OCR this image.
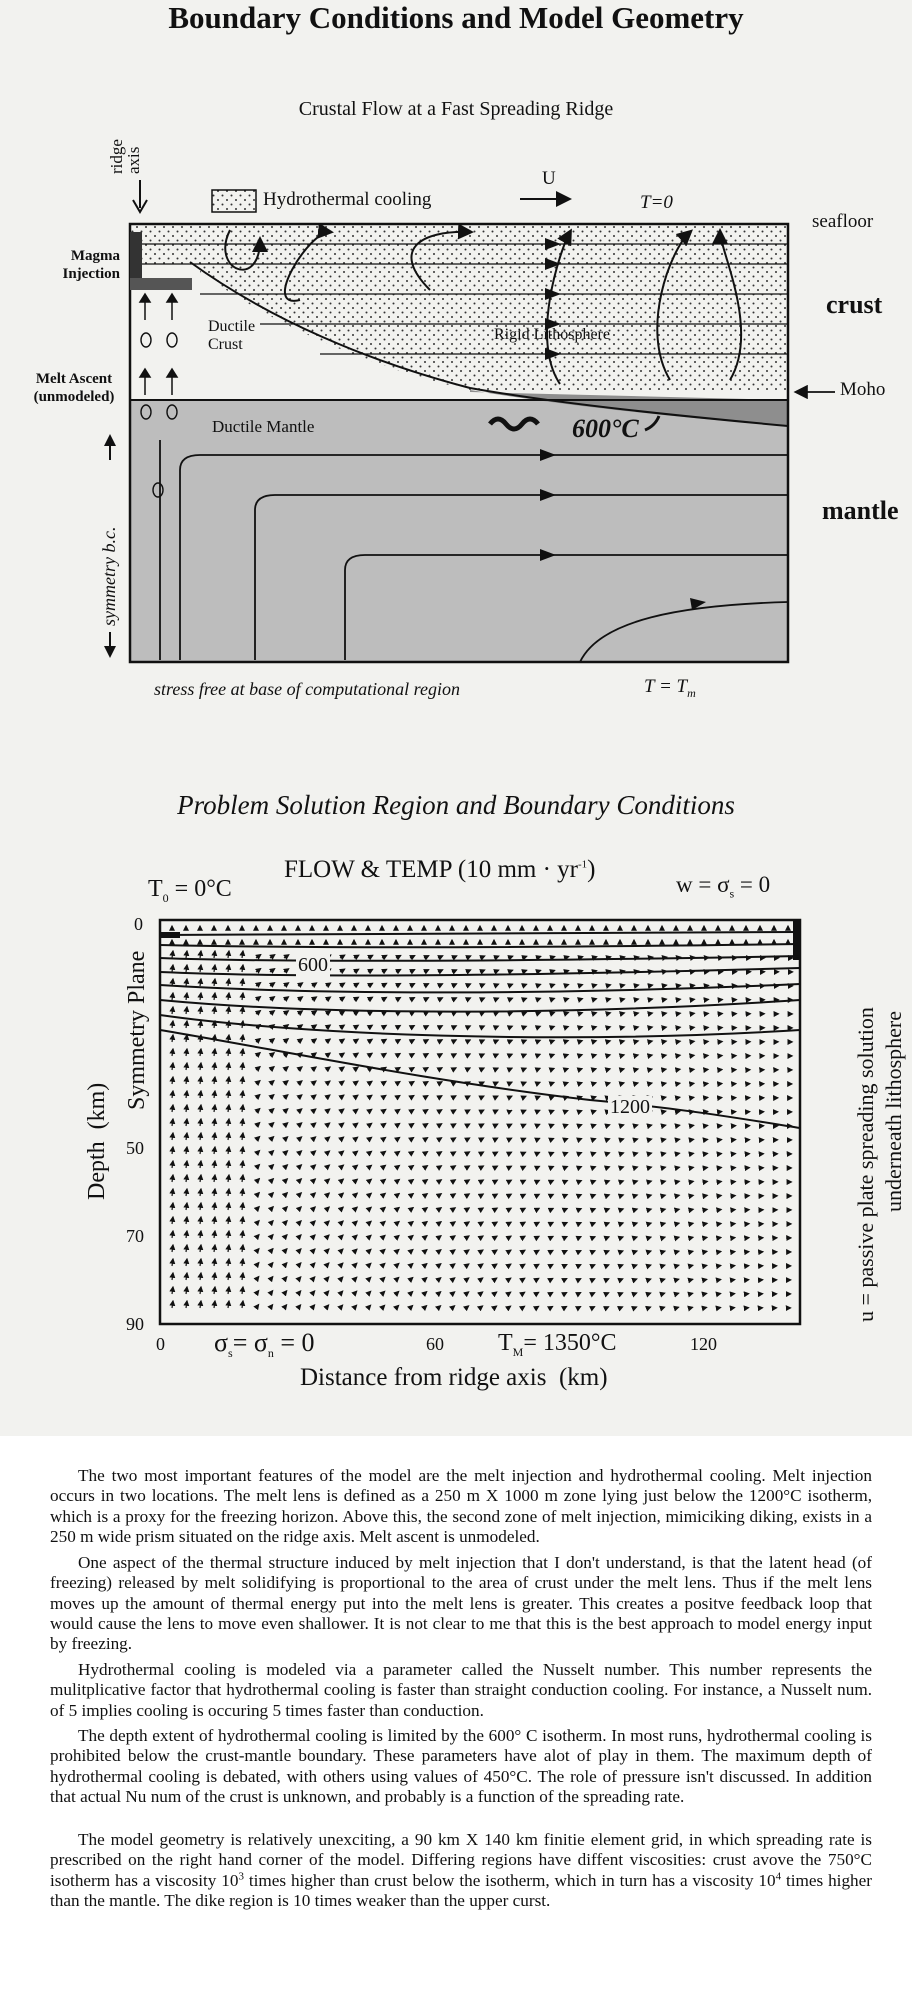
Boundary Conditions and Model Geometry
Crustal Flow at a Fast Spreading Ridge
ridge
axis
Hydrothermal cooling
U
T=0
seafloor
crust
mantle
Moho
Magma
Injection
Ductile
Crust
Rigid Lithosphere
Melt Ascent
(unmodeled)
Ductile Mantle	600°C
symmetry b.c.
stress free at base of computational region	$T = T_m$
Problem Solution Region and Boundary Conditions
FLOW & TEMP (10 mm · $yr^{-1}$)
$T_0 = 0^\circ C$	$w = \sigma_s = 0$
600
1200
0
50
70
90
0	60	120
$\sigma_s= \sigma_n = 0$	$T_M= 1350^\circ C$
Distance from ridge axis  (km)
Depth  (km)
Symmetry Plane	u = passive plate spreading solution underneath lithosphere

The two most important features of the model are the melt injection and hydrothermal cooling. Melt injection occurs in two locations. The melt lens is defined as a 250 m X 1000 m zone lying just below the 1200°C isotherm, which is a proxy for the freezing horizon. Above this, the second zone of melt injection, mimiciking diking, exists in a 250 m wide prism situated on the ridge axis. Melt ascent is unmodeled.

One aspect of the thermal structure induced by melt injection that I don't understand, is that the latent head (of freezing) released by melt solidifying is proportional to the area of crust under the melt lens. Thus if the melt lens moves up the amount of thermal energy put into the melt lens is greater. This creates a positve feedback loop that would cause the lens to move even shallower. It is not clear to me that this is the best approach to model energy input by freezing.

Hydrothermal cooling is modeled via a parameter called the Nusselt number. This number represents the mulitplicative factor that hydrothermal cooling is faster than straight conduction cooling. For instance, a Nusselt num. of 5 implies cooling is occuring 5 times faster than conduction.

The depth extent of hydrothermal cooling is limited by the 600° C isotherm. In most runs, hydrothermal cooling is prohibited below the crust-mantle boundary. These parameters have alot of play in them. The maximum depth of hydrothermal cooling is debated, with others using values of 450°C. The role of pressure isn't discussed. In addition that actual Nu num of the crust is unknown, and probably is a function of the spreading rate.

The model geometry is relatively unexciting, a 90 km X 140 km finitie element grid, in which spreading rate is prescribed on the right hand corner of the model. Differing regions have diffent viscosities: crust avove the 750°C isotherm has a viscosity $10^3$ times higher than crust below the isotherm, which in turn has a viscosity $10^4$ times higher than the mantle. The dike region is 10 times weaker than the upper curst.
